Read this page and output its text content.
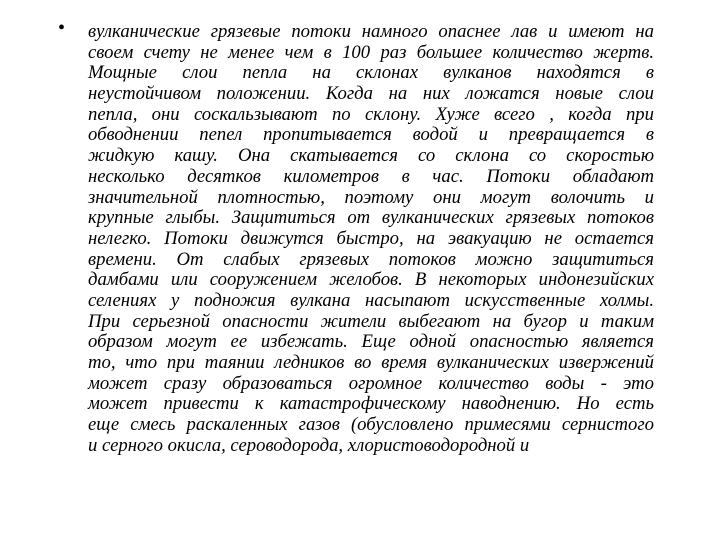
• вулканические грязевые потоки намного опаснее лав и имеют на
своем счету не менее чем в 100 раз большее количество жертв.
Мощные слои пепла на склонах вулканов находятся в
неустойчивом положении. Когда на них ложатся новые слои
пепла, они соскальзывают по склону. Хуже всего , когда при
обводнении пепел пропитывается водой и превращается в
жидкую кашу. Она скатывается со склона со скоростью
несколько десятков километров в час. Потоки обладают
значительной плотностью, поэтому они могут волочить и
крупные глыбы. Защититься от вулканических грязевых потоков
нелегко. Потоки движутся быстро, на эвакуацию не остается
времени. От слабых грязевых потоков можно защититься
дамбами или сооружением желобов. В некоторых индонезийских
селениях у подножия вулкана насыпают искусственные холмы.
При серьезной опасности жители выбегают на бугор и таким
образом могут ее избежать. Еще одной опасностью является
то, что при таянии ледников во время вулканических извержений
может сразу образоваться огромное количество воды - это
может привести к катастрофическому наводнению. Но есть
еще смесь раскаленных газов (обусловлено примесями сернистого
и серного окисла, сероводорода, хлористоводородной и
